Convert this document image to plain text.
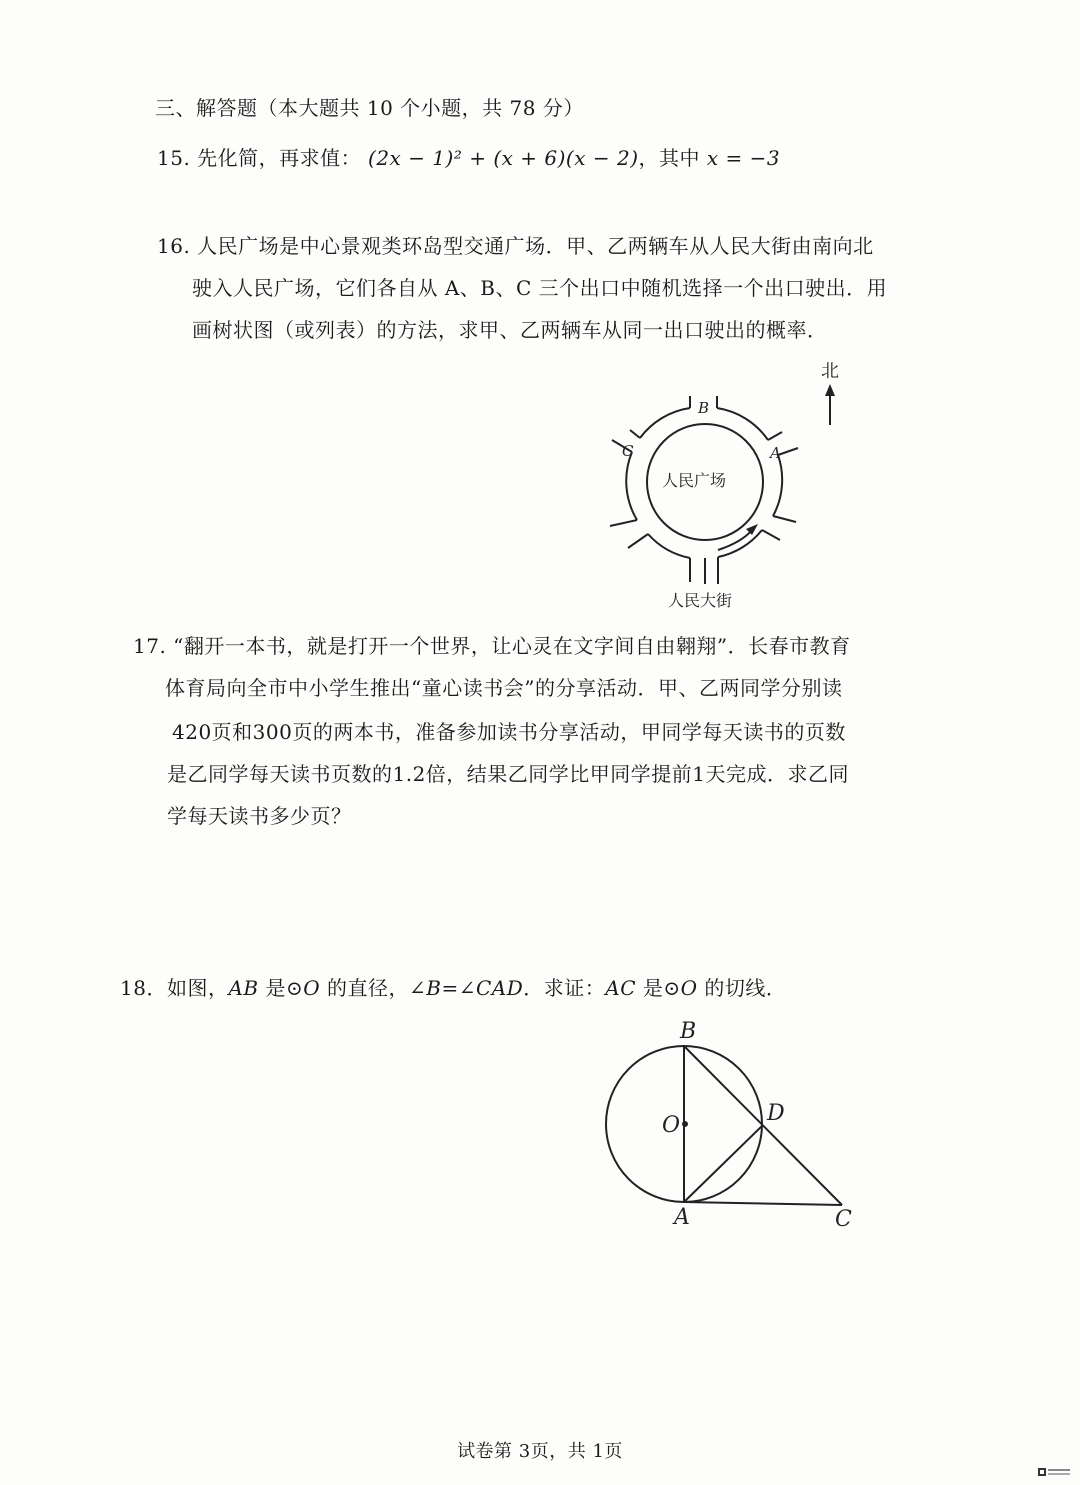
三、解答题（本大题共 10 个小题，共 78 分）
15. 先化简，再求值： (2x − 1)² + (x + 6)(x − 2)，其中 x = −3
16. 人民广场是中心景观类环岛型交通广场．甲、乙两辆车从人民大街由南向北
驶入人民广场，它们各自从 A、B、C 三个出口中随机选择一个出口驶出．用
画树状图（或列表）的方法，求甲、乙两辆车从同一出口驶出的概率．
北
B
C	A
人民广场
人民大街
17. “翻开一本书，就是打开一个世界，让心灵在文字间自由翱翔”．长春市教育
体育局向全市中小学生推出“童心读书会”的分享活动．甲、乙两同学分别读
420页和300页的两本书，准备参加读书分享活动，甲同学每天读书的页数
是乙同学每天读书页数的1.2倍，结果乙同学比甲同学提前1天完成．求乙同
学每天读书多少页？
18．如图，AB 是⊙O 的直径，∠B=∠CAD．求证：AC 是⊙O 的切线．
B
O	D
A	C
试卷第 3页，共 1页
